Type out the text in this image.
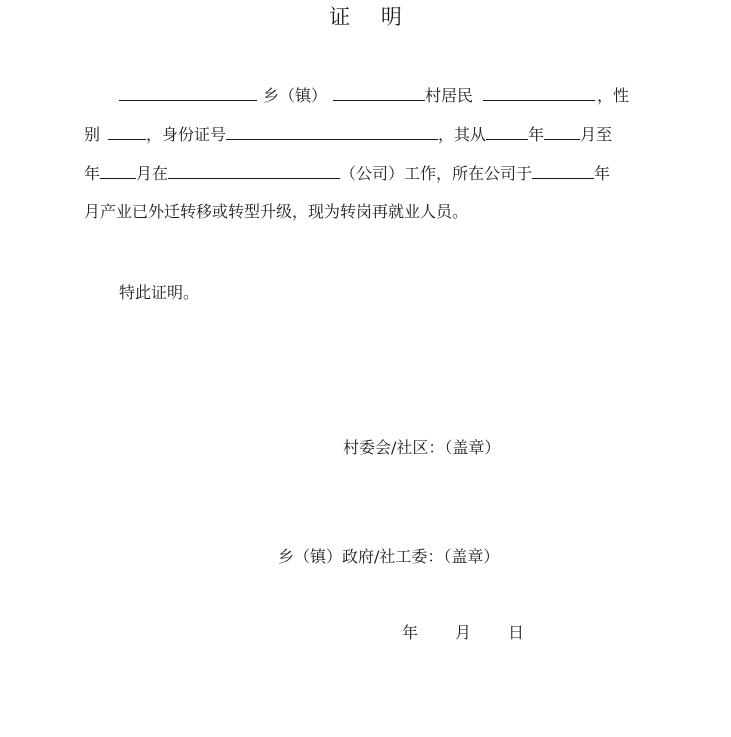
证 明
乡（镇）	村居民	，性
别	，身份证号	，其从	年 月至
年 月在	（公司）工作，所在公司于	年
月产业已外迁转移或转型升级，现为转岗再就业人员。
特此证明。
村委会/社区：（盖章）
乡（镇）政府/社工委：（盖章）
年 月 日
